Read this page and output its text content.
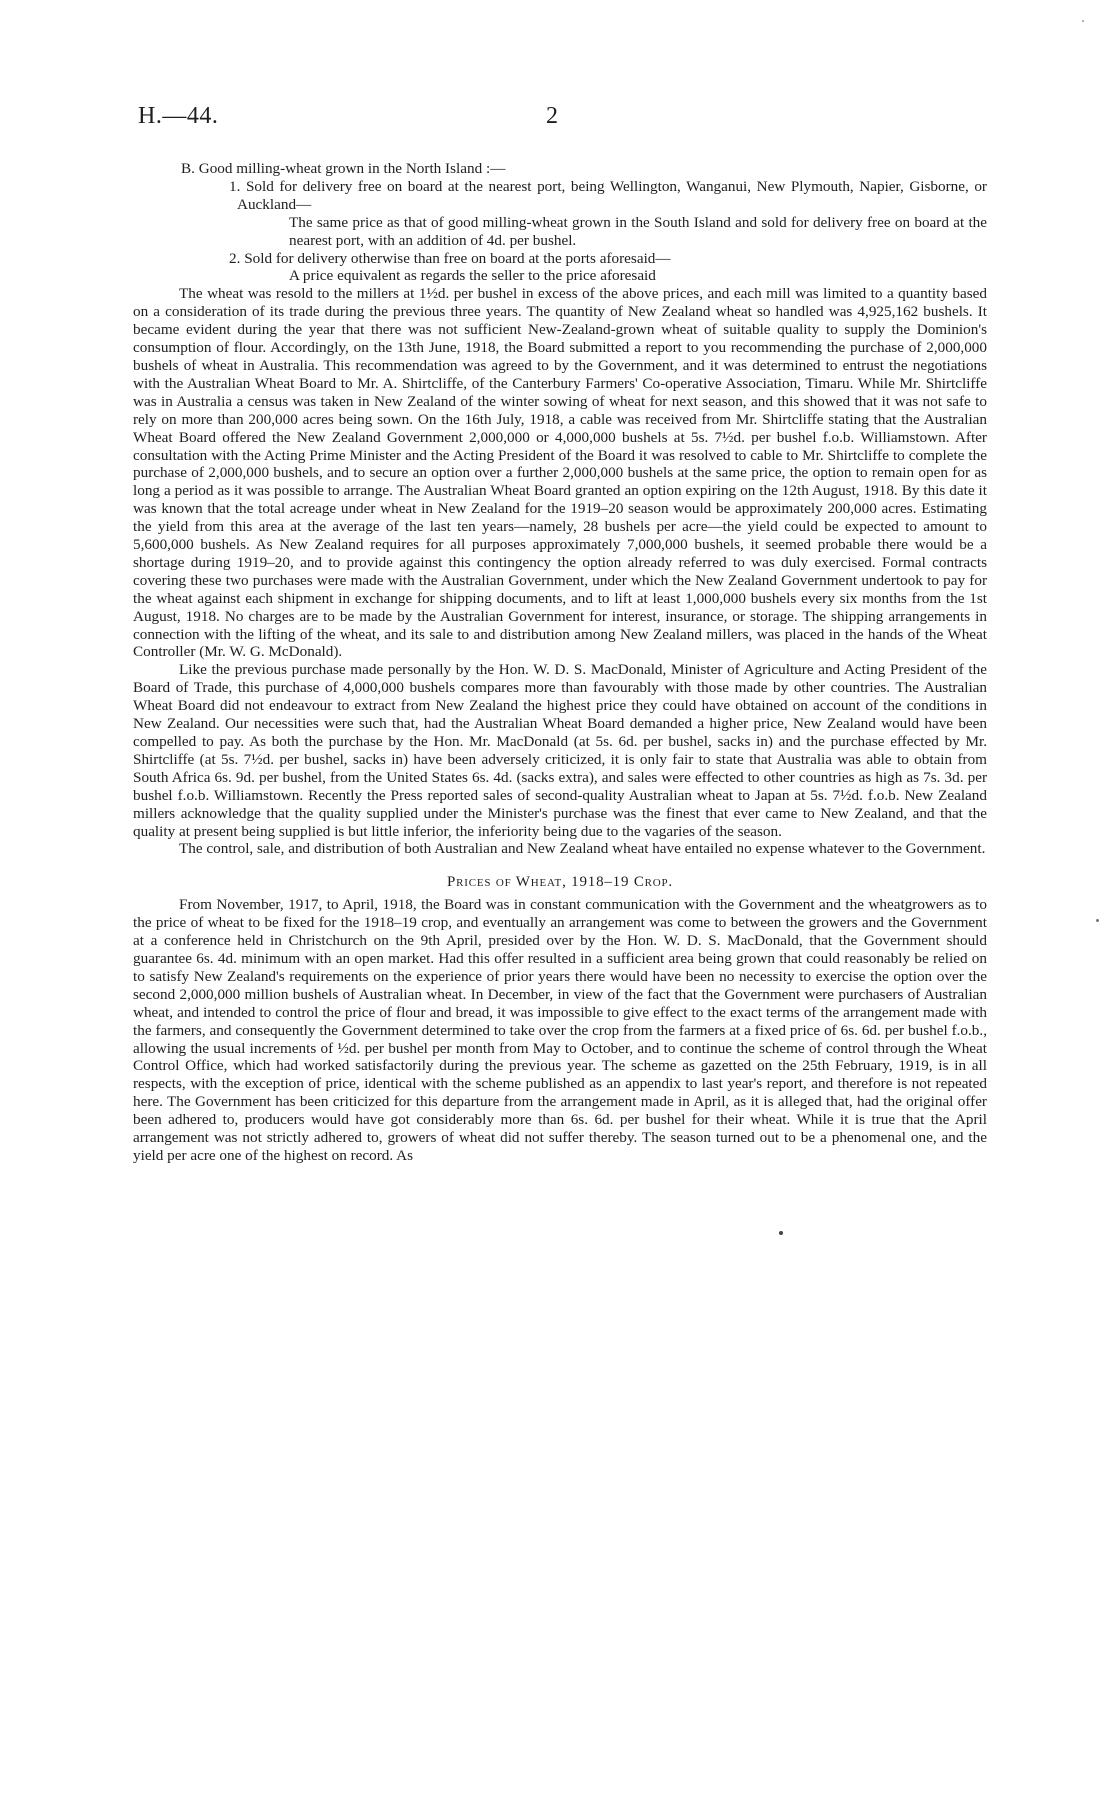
H.—44.	2

B. Good milling-wheat grown in the North Island :—

1. Sold for delivery free on board at the nearest port, being Wellington, Wanganui, New Plymouth, Napier, Gisborne, or Auckland—

The same price as that of good milling-wheat grown in the South Island and sold for delivery free on board at the nearest port, with an addition of 4d. per bushel.

2. Sold for delivery otherwise than free on board at the ports aforesaid—

A price equivalent as regards the seller to the price aforesaid

The wheat was resold to the millers at 1½d. per bushel in excess of the above prices, and each mill was limited to a quantity based on a consideration of its trade during the previous three years. The quantity of New Zealand wheat so handled was 4,925,162 bushels. It became evident during the year that there was not sufficient New-Zealand-grown wheat of suitable quality to supply the Dominion's consumption of flour. Accordingly, on the 13th June, 1918, the Board submitted a report to you recommending the purchase of 2,000,000 bushels of wheat in Australia. This recommendation was agreed to by the Government, and it was determined to entrust the negotiations with the Australian Wheat Board to Mr. A. Shirtcliffe, of the Canterbury Farmers' Co-operative Association, Timaru. While Mr. Shirtcliffe was in Australia a census was taken in New Zealand of the winter sowing of wheat for next season, and this showed that it was not safe to rely on more than 200,000 acres being sown. On the 16th July, 1918, a cable was received from Mr. Shirtcliffe stating that the Australian Wheat Board offered the New Zealand Government 2,000,000 or 4,000,000 bushels at 5s. 7½d. per bushel f.o.b. Williamstown. After consultation with the Acting Prime Minister and the Acting President of the Board it was resolved to cable to Mr. Shirtcliffe to complete the purchase of 2,000,000 bushels, and to secure an option over a further 2,000,000 bushels at the same price, the option to remain open for as long a period as it was possible to arrange. The Australian Wheat Board granted an option expiring on the 12th August, 1918. By this date it was known that the total acreage under wheat in New Zealand for the 1919–20 season would be approximately 200,000 acres. Estimating the yield from this area at the average of the last ten years—namely, 28 bushels per acre—the yield could be expected to amount to 5,600,000 bushels. As New Zealand requires for all purposes approximately 7,000,000 bushels, it seemed probable there would be a shortage during 1919–20, and to provide against this contingency the option already referred to was duly exercised. Formal contracts covering these two purchases were made with the Australian Government, under which the New Zealand Government undertook to pay for the wheat against each shipment in exchange for shipping documents, and to lift at least 1,000,000 bushels every six months from the 1st August, 1918. No charges are to be made by the Australian Government for interest, insurance, or storage. The shipping arrangements in connection with the lifting of the wheat, and its sale to and distribution among New Zealand millers, was placed in the hands of the Wheat Controller (Mr. W. G. McDonald).

Like the previous purchase made personally by the Hon. W. D. S. MacDonald, Minister of Agriculture and Acting President of the Board of Trade, this purchase of 4,000,000 bushels compares more than favourably with those made by other countries. The Australian Wheat Board did not endeavour to extract from New Zealand the highest price they could have obtained on account of the conditions in New Zealand. Our necessities were such that, had the Australian Wheat Board demanded a higher price, New Zealand would have been compelled to pay. As both the purchase by the Hon. Mr. MacDonald (at 5s. 6d. per bushel, sacks in) and the purchase effected by Mr. Shirtcliffe (at 5s. 7½d. per bushel, sacks in) have been adversely criticized, it is only fair to state that Australia was able to obtain from South Africa 6s. 9d. per bushel, from the United States 6s. 4d. (sacks extra), and sales were effected to other countries as high as 7s. 3d. per bushel f.o.b. Williamstown. Recently the Press reported sales of second-quality Australian wheat to Japan at 5s. 7½d. f.o.b. New Zealand millers acknowledge that the quality supplied under the Minister's purchase was the finest that ever came to New Zealand, and that the quality at present being supplied is but little inferior, the inferiority being due to the vagaries of the season.

The control, sale, and distribution of both Australian and New Zealand wheat have entailed no expense whatever to the Government.

Prices of Wheat, 1918–19 Crop.

From November, 1917, to April, 1918, the Board was in constant communication with the Government and the wheatgrowers as to the price of wheat to be fixed for the 1918–19 crop, and eventually an arrangement was come to between the growers and the Government at a conference held in Christchurch on the 9th April, presided over by the Hon. W. D. S. MacDonald, that the Government should guarantee 6s. 4d. minimum with an open market. Had this offer resulted in a sufficient area being grown that could reasonably be relied on to satisfy New Zealand's requirements on the experience of prior years there would have been no necessity to exercise the option over the second 2,000,000 million bushels of Australian wheat. In December, in view of the fact that the Government were purchasers of Australian wheat, and intended to control the price of flour and bread, it was impossible to give effect to the exact terms of the arrangement made with the farmers, and consequently the Government determined to take over the crop from the farmers at a fixed price of 6s. 6d. per bushel f.o.b., allowing the usual increments of ½d. per bushel per month from May to October, and to continue the scheme of control through the Wheat Control Office, which had worked satisfactorily during the previous year. The scheme as gazetted on the 25th February, 1919, is in all respects, with the exception of price, identical with the scheme published as an appendix to last year's report, and therefore is not repeated here. The Government has been criticized for this departure from the arrangement made in April, as it is alleged that, had the original offer been adhered to, producers would have got considerably more than 6s. 6d. per bushel for their wheat. While it is true that the April arrangement was not strictly adhered to, growers of wheat did not suffer thereby. The season turned out to be a phenomenal one, and the yield per acre one of the highest on record. As
